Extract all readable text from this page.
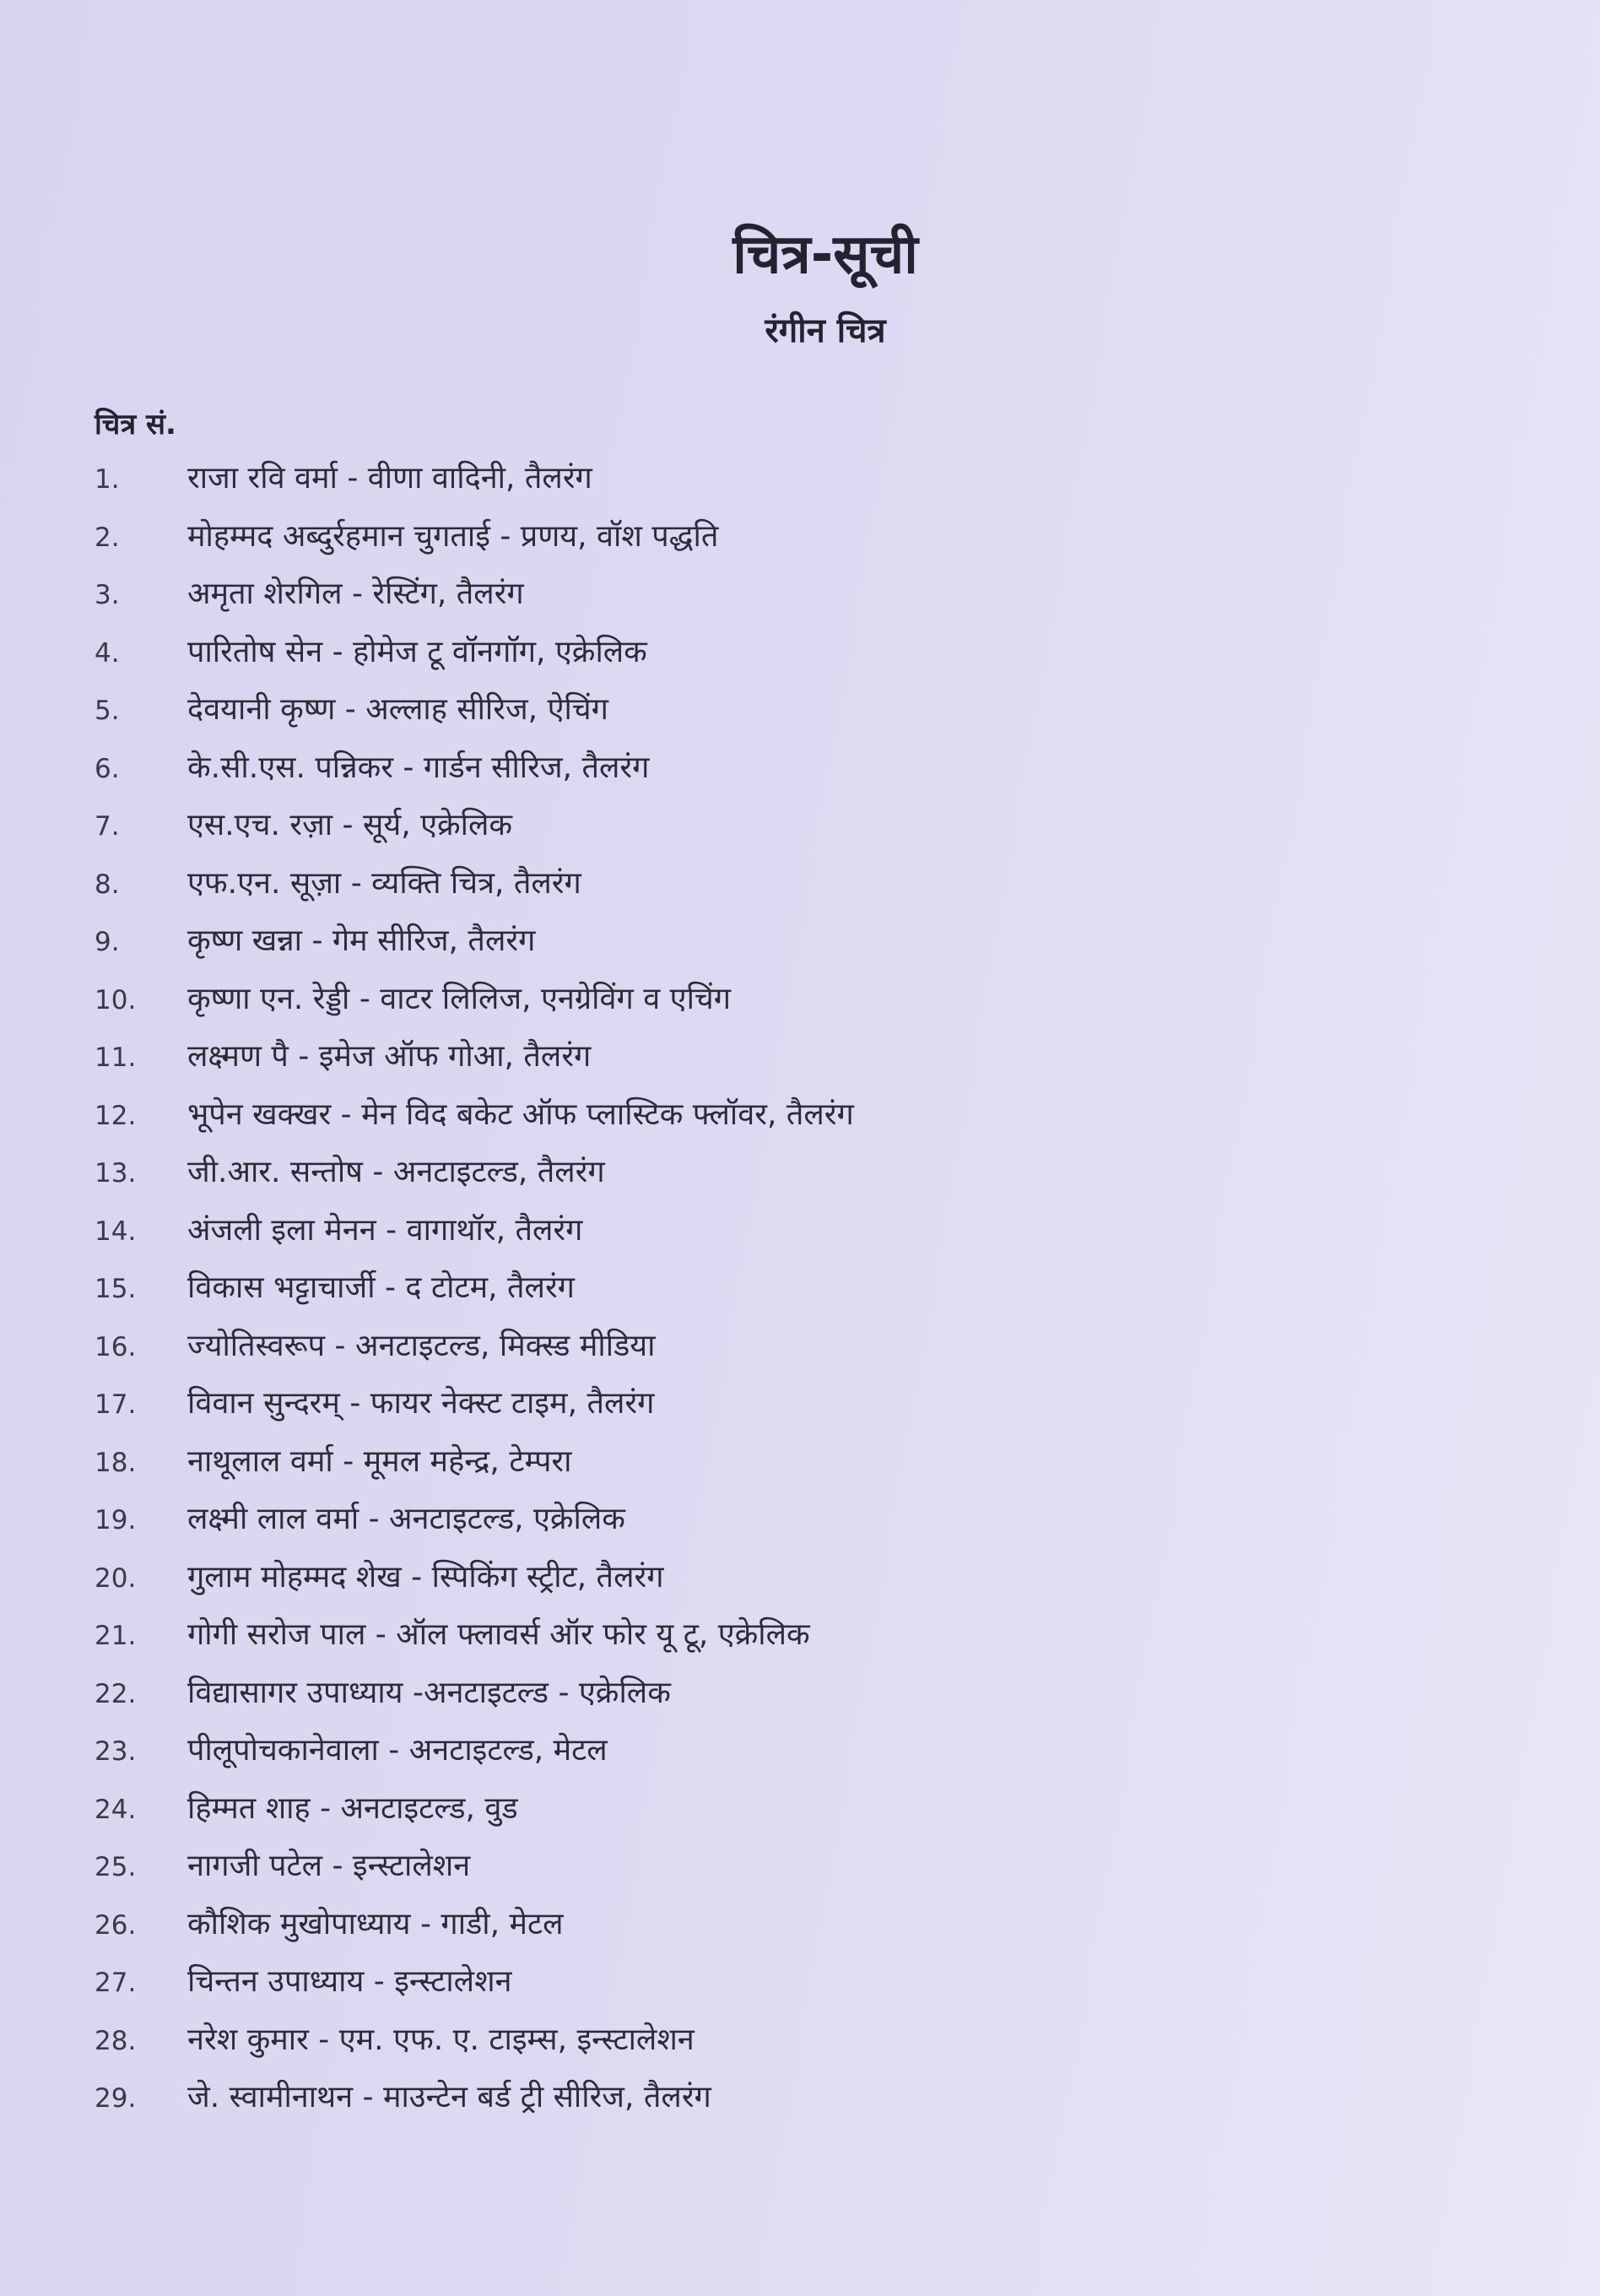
चित्र-सूची
रंगीन चित्र
चित्र सं.
1.	राजा रवि वर्मा - वीणा वादिनी, तैलरंग
2.	मोहम्मद अब्दुर्रहमान चुगताई - प्रणय, वॉश पद्धति
3.	अमृता शेरगिल - रेस्टिंग, तैलरंग
4.	पारितोष सेन - होमेज टू वॉनगॉग, एक्रेलिक
5.	देवयानी कृष्ण - अल्लाह सीरिज, ऐचिंग
6.	के.सी.एस. पन्निकर - गार्डन सीरिज, तैलरंग
7.	एस.एच. रज़ा - सूर्य, एक्रेलिक
8.	एफ.एन. सूज़ा - व्यक्ति चित्र, तैलरंग
9.	कृष्ण खन्ना - गेम सीरिज, तैलरंग
10.	कृष्णा एन. रेड्डी - वाटर लिलिज, एनग्रेविंग व एचिंग
11.	लक्ष्मण पै - इमेज ऑफ गोआ, तैलरंग
12.	भूपेन खक्खर - मेन विद बकेट ऑफ प्लास्टिक फ्लॉवर, तैलरंग
13.	जी.आर. सन्तोष - अनटाइटल्ड, तैलरंग
14.	अंजली इला मेनन - वागाथॉर, तैलरंग
15.	विकास भट्टाचार्जी - द टोटम, तैलरंग
16.	ज्योतिस्वरूप - अनटाइटल्ड, मिक्स्ड मीडिया
17.	विवान सुन्दरम् - फायर नेक्स्ट टाइम, तैलरंग
18.	नाथूलाल वर्मा - मूमल महेन्द्र, टेम्परा
19.	लक्ष्मी लाल वर्मा - अनटाइटल्ड, एक्रेलिक
20.	गुलाम मोहम्मद शेख - स्पिकिंग स्ट्रीट, तैलरंग
21.	गोगी सरोज पाल - ऑल फ्लावर्स ऑर फोर यू टू, एक्रेलिक
22.	विद्यासागर उपाध्याय -अनटाइटल्ड - एक्रेलिक
23.	पीलूपोचकानेवाला - अनटाइटल्ड, मेटल
24.	हिम्मत शाह - अनटाइटल्ड, वुड
25.	नागजी पटेल - इन्स्टालेशन
26.	कौशिक मुखोपाध्याय - गाडी, मेटल
27.	चिन्तन उपाध्याय - इन्स्टालेशन
28.	नरेश कुमार - एम. एफ. ए. टाइम्स, इन्स्टालेशन
29.	जे. स्वामीनाथन - माउन्टेन बर्ड ट्री सीरिज, तैलरंग
